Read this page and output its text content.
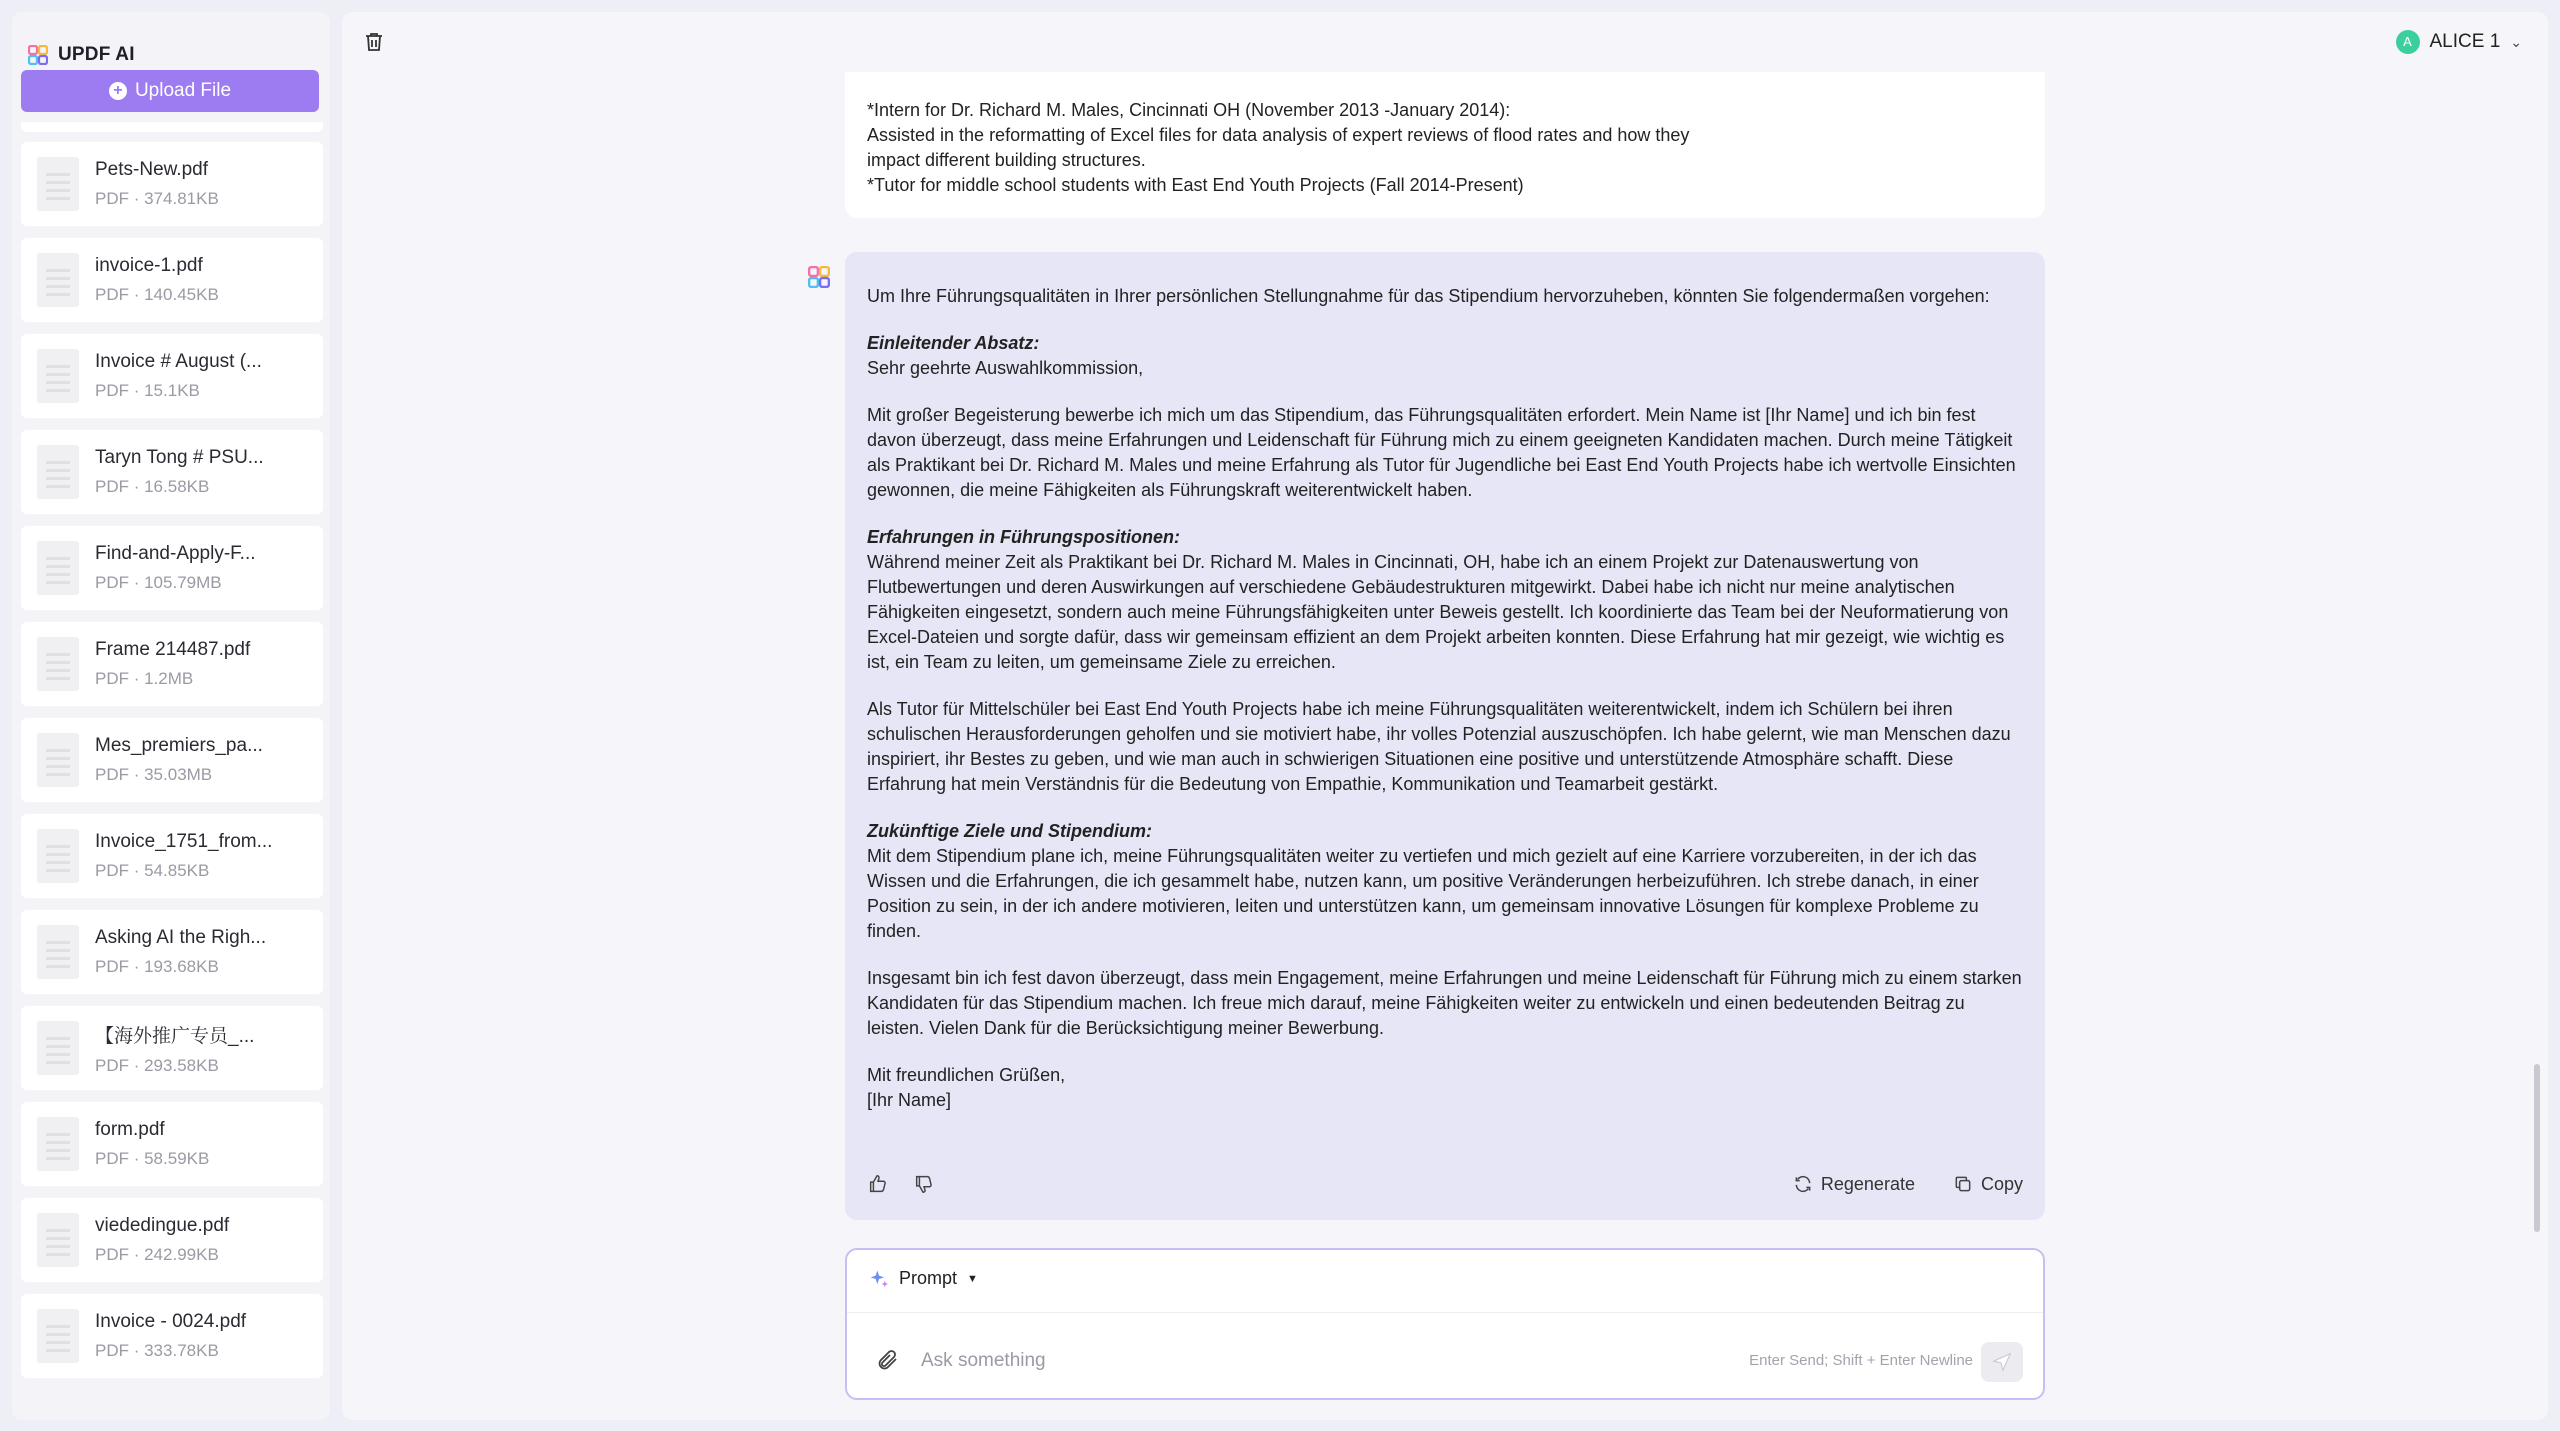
UPDF AI
+ Upload File
Pets-New.pdf
PDF · 374.81KB
invoice-1.pdf
PDF · 140.45KB
Invoice # August (...
PDF · 15.1KB
Taryn Tong # PSU...
PDF · 16.58KB
Find-and-Apply-F...
PDF · 105.79MB
Frame 214487.pdf
PDF · 1.2MB
Mes_premiers_pa...
PDF · 35.03MB
Invoice_1751_from...
PDF · 54.85KB
Asking AI the Righ...
PDF · 193.68KB
【海外推广专员_...
PDF · 293.58KB
form.pdf
PDF · 58.59KB
viededingue.pdf
PDF · 242.99KB
Invoice - 0024.pdf
PDF · 333.78KB
A ALICE 1 ⌄
*Intern for Dr. Richard M. Males, Cincinnati OH (November 2013 -January 2014):
Assisted in the reformatting of Excel files for data analysis of expert reviews of flood rates and how they
impact different building structures.
*Tutor for middle school students with East End Youth Projects (Fall 2014-Present)

Um Ihre Führungsqualitäten in Ihrer persönlichen Stellungnahme für das Stipendium hervorzuheben, könnten Sie folgendermaßen vorgehen:

Einleitender Absatz:

Sehr geehrte Auswahlkommission,

Mit großer Begeisterung bewerbe ich mich um das Stipendium, das Führungsqualitäten erfordert. Mein Name ist [Ihr Name] und ich bin fest davon überzeugt, dass meine Erfahrungen und Leidenschaft für Führung mich zu einem geeigneten Kandidaten machen. Durch meine Tätigkeit als Praktikant bei Dr. Richard M. Males und meine Erfahrung als Tutor für Jugendliche bei East End Youth Projects habe ich wertvolle Einsichten gewonnen, die meine Fähigkeiten als Führungskraft weiterentwickelt haben.

Erfahrungen in Führungspositionen:

Während meiner Zeit als Praktikant bei Dr. Richard M. Males in Cincinnati, OH, habe ich an einem Projekt zur Datenauswertung von Flutbewertungen und deren Auswirkungen auf verschiedene Gebäudestrukturen mitgewirkt. Dabei habe ich nicht nur meine analytischen Fähigkeiten eingesetzt, sondern auch meine Führungsfähigkeiten unter Beweis gestellt. Ich koordinierte das Team bei der Neuformatierung von Excel-Dateien und sorgte dafür, dass wir gemeinsam effizient an dem Projekt arbeiten konnten. Diese Erfahrung hat mir gezeigt, wie wichtig es ist, ein Team zu leiten, um gemeinsame Ziele zu erreichen.

Als Tutor für Mittelschüler bei East End Youth Projects habe ich meine Führungsqualitäten weiterentwickelt, indem ich Schülern bei ihren schulischen Herausforderungen geholfen und sie motiviert habe, ihr volles Potenzial auszuschöpfen. Ich habe gelernt, wie man Menschen dazu inspiriert, ihr Bestes zu geben, und wie man auch in schwierigen Situationen eine positive und unterstützende Atmosphäre schafft. Diese Erfahrung hat mein Verständnis für die Bedeutung von Empathie, Kommunikation und Teamarbeit gestärkt.

Zukünftige Ziele und Stipendium:

Mit dem Stipendium plane ich, meine Führungsqualitäten weiter zu vertiefen und mich gezielt auf eine Karriere vorzubereiten, in der ich das Wissen und die Erfahrungen, die ich gesammelt habe, nutzen kann, um positive Veränderungen herbeizuführen. Ich strebe danach, in einer Position zu sein, in der ich andere motivieren, leiten und unterstützen kann, um gemeinsam innovative Lösungen für komplexe Probleme zu finden.

Insgesamt bin ich fest davon überzeugt, dass mein Engagement, meine Erfahrungen und meine Leidenschaft für Führung mich zu einem starken Kandidaten für das Stipendium machen. Ich freue mich darauf, meine Fähigkeiten weiter zu entwickeln und einen bedeutenden Beitrag zu leisten. Vielen Dank für die Berücksichtigung meiner Bewerbung.

Mit freundlichen Grüßen,
[Ihr Name]
Regenerate	Copy
Prompt ▼
Ask something
Enter Send; Shift + Enter Newline
